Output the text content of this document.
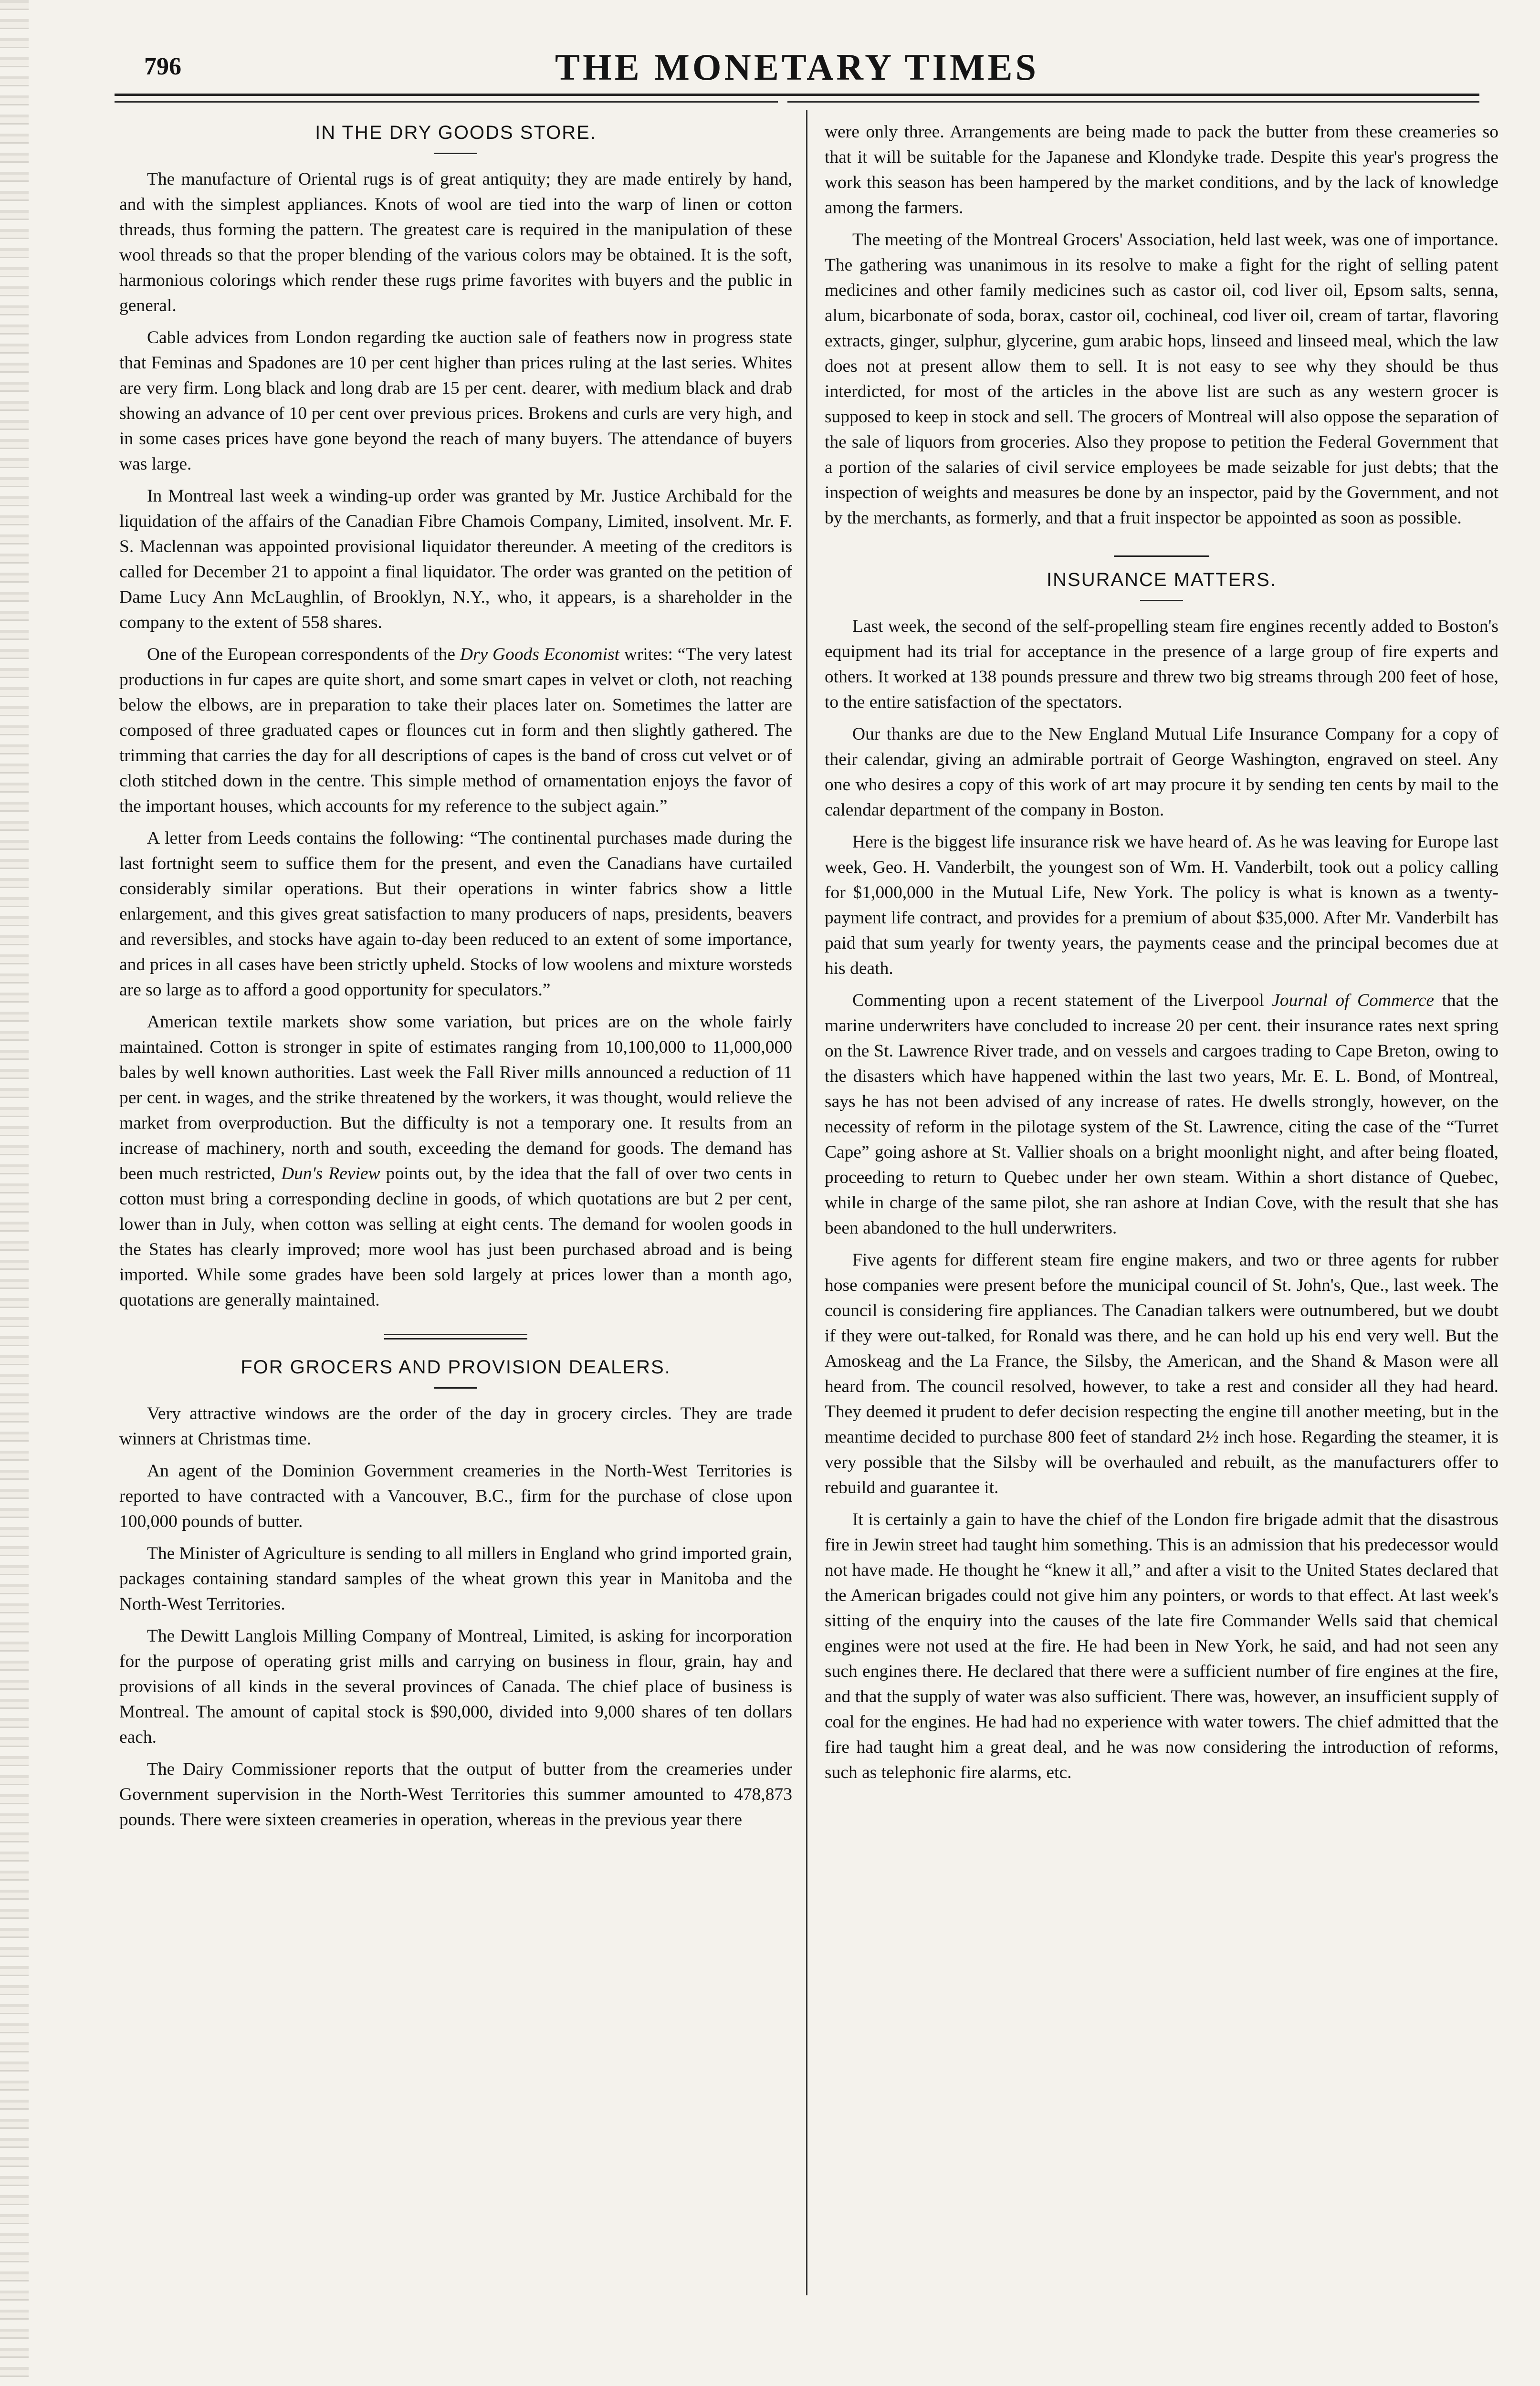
796	THE MONETARY TIMES
IN THE DRY GOODS STORE.

The manufacture of Oriental rugs is of great antiquity; they are made entirely by hand, and with the simplest appliances. Knots of wool are tied into the warp of linen or cotton threads, thus forming the pattern. The greatest care is required in the manipulation of these wool threads so that the proper blending of the various colors may be obtained. It is the soft, harmonious colorings which render these rugs prime favorites with buyers and the public in general.

Cable advices from London regarding tke auction sale of feathers now in progress state that Feminas and Spadones are 10 per cent higher than prices ruling at the last series. Whites are very firm. Long black and long drab are 15 per cent. dearer, with medium black and drab showing an advance of 10 per cent over previous prices. Brokens and curls are very high, and in some cases prices have gone beyond the reach of many buyers. The attendance of buyers was large.

In Montreal last week a winding-up order was granted by Mr. Justice Archibald for the liquidation of the affairs of the Canadian Fibre Chamois Company, Limited, insolvent. Mr. F. S. Maclennan was appointed provisional liquidator thereunder. A meeting of the creditors is called for December 21 to appoint a final liquidator. The order was granted on the petition of Dame Lucy Ann McLaughlin, of Brooklyn, N.Y., who, it appears, is a shareholder in the company to the extent of 558 shares.

One of the European correspondents of the Dry Goods Economist writes: “The very latest productions in fur capes are quite short, and some smart capes in velvet or cloth, not reaching below the elbows, are in preparation to take their places later on. Sometimes the latter are composed of three graduated capes or flounces cut in form and then slightly gathered. The trimming that carries the day for all descriptions of capes is the band of cross cut velvet or of cloth stitched down in the centre. This simple method of ornamentation enjoys the favor of the important houses, which accounts for my reference to the subject again.”

A letter from Leeds contains the following: “The continental purchases made during the last fortnight seem to suffice them for the present, and even the Canadians have curtailed considerably similar operations. But their operations in winter fabrics show a little enlargement, and this gives great satisfaction to many producers of naps, presidents, beavers and reversibles, and stocks have again to-day been reduced to an extent of some importance, and prices in all cases have been strictly upheld. Stocks of low woolens and mixture worsteds are so large as to afford a good opportunity for speculators.”

American textile markets show some variation, but prices are on the whole fairly maintained. Cotton is stronger in spite of estimates ranging from 10,100,000 to 11,000,000 bales by well known authorities. Last week the Fall River mills announced a reduction of 11 per cent. in wages, and the strike threatened by the workers, it was thought, would relieve the market from overproduction. But the difficulty is not a temporary one. It results from an increase of machinery, north and south, exceeding the demand for goods. The demand has been much restricted, Dun's Review points out, by the idea that the fall of over two cents in cotton must bring a corresponding decline in goods, of which quotations are but 2 per cent, lower than in July, when cotton was selling at eight cents. The demand for woolen goods in the States has clearly improved; more wool has just been purchased abroad and is being imported. While some grades have been sold largely at prices lower than a month ago, quotations are generally maintained.

FOR GROCERS AND PROVISION DEALERS.

Very attractive windows are the order of the day in grocery circles. They are trade winners at Christmas time.

An agent of the Dominion Government creameries in the North-West Territories is reported to have contracted with a Vancouver, B.C., firm for the purchase of close upon 100,000 pounds of butter.

The Minister of Agriculture is sending to all millers in England who grind imported grain, packages containing standard samples of the wheat grown this year in Manitoba and the North-West Territories.

The Dewitt Langlois Milling Company of Montreal, Limited, is asking for incorporation for the purpose of operating grist mills and carrying on business in flour, grain, hay and provisions of all kinds in the several provinces of Canada. The chief place of business is Montreal. The amount of capital stock is $90,000, divided into 9,000 shares of ten dollars each.

The Dairy Commissioner reports that the output of butter from the creameries under Government supervision in the North-West Territories this summer amounted to 478,873 pounds. There were sixteen creameries in operation, whereas in the previous year there

were only three. Arrangements are being made to pack the butter from these creameries so that it will be suitable for the Japanese and Klondyke trade. Despite this year's progress the work this season has been hampered by the market conditions, and by the lack of knowledge among the farmers.

The meeting of the Montreal Grocers' Association, held last week, was one of importance. The gathering was unanimous in its resolve to make a fight for the right of selling patent medicines and other family medicines such as castor oil, cod liver oil, Epsom salts, senna, alum, bicarbonate of soda, borax, castor oil, cochineal, cod liver oil, cream of tartar, flavoring extracts, ginger, sulphur, glycerine, gum arabic hops, linseed and linseed meal, which the law does not at present allow them to sell. It is not easy to see why they should be thus interdicted, for most of the articles in the above list are such as any western grocer is supposed to keep in stock and sell. The grocers of Montreal will also oppose the separation of the sale of liquors from groceries. Also they propose to petition the Federal Government that a portion of the salaries of civil service employees be made seizable for just debts; that the inspection of weights and measures be done by an inspector, paid by the Government, and not by the merchants, as formerly, and that a fruit inspector be appointed as soon as possible.

INSURANCE MATTERS.

Last week, the second of the self-propelling steam fire engines recently added to Boston's equipment had its trial for acceptance in the presence of a large group of fire experts and others. It worked at 138 pounds pressure and threw two big streams through 200 feet of hose, to the entire satisfaction of the spectators.

Our thanks are due to the New England Mutual Life Insurance Company for a copy of their calendar, giving an admirable portrait of George Washington, engraved on steel. Any one who desires a copy of this work of art may procure it by sending ten cents by mail to the calendar department of the company in Boston.

Here is the biggest life insurance risk we have heard of. As he was leaving for Europe last week, Geo. H. Vanderbilt, the youngest son of Wm. H. Vanderbilt, took out a policy calling for $1,000,000 in the Mutual Life, New York. The policy is what is known as a twenty-payment life contract, and provides for a premium of about $35,000. After Mr. Vanderbilt has paid that sum yearly for twenty years, the payments cease and the principal becomes due at his death.

Commenting upon a recent statement of the Liverpool Journal of Commerce that the marine underwriters have concluded to increase 20 per cent. their insurance rates next spring on the St. Lawrence River trade, and on vessels and cargoes trading to Cape Breton, owing to the disasters which have happened within the last two years, Mr. E. L. Bond, of Montreal, says he has not been advised of any increase of rates. He dwells strongly, however, on the necessity of reform in the pilotage system of the St. Lawrence, citing the case of the “Turret Cape” going ashore at St. Vallier shoals on a bright moonlight night, and after being floated, proceeding to return to Quebec under her own steam. Within a short distance of Quebec, while in charge of the same pilot, she ran ashore at Indian Cove, with the result that she has been abandoned to the hull underwriters.

Five agents for different steam fire engine makers, and two or three agents for rubber hose companies were present before the municipal council of St. John's, Que., last week. The council is considering fire appliances. The Canadian talkers were outnumbered, but we doubt if they were out-talked, for Ronald was there, and he can hold up his end very well. But the Amoskeag and the La France, the Silsby, the American, and the Shand & Mason were all heard from. The council resolved, however, to take a rest and consider all they had heard. They deemed it prudent to defer decision respecting the engine till another meeting, but in the meantime decided to purchase 800 feet of standard 2½ inch hose. Regarding the steamer, it is very possible that the Silsby will be overhauled and rebuilt, as the manufacturers offer to rebuild and guarantee it.

It is certainly a gain to have the chief of the London fire brigade admit that the disastrous fire in Jewin street had taught him something. This is an admission that his predecessor would not have made. He thought he “knew it all,” and after a visit to the United States declared that the American brigades could not give him any pointers, or words to that effect. At last week's sitting of the enquiry into the causes of the late fire Commander Wells said that chemical engines were not used at the fire. He had been in New York, he said, and had not seen any such engines there. He declared that there were a sufficient number of fire engines at the fire, and that the supply of water was also sufficient. There was, however, an insufficient supply of coal for the engines. He had had no experience with water towers. The chief admitted that the fire had taught him a great deal, and he was now considering the introduction of reforms, such as telephonic fire alarms, etc.
